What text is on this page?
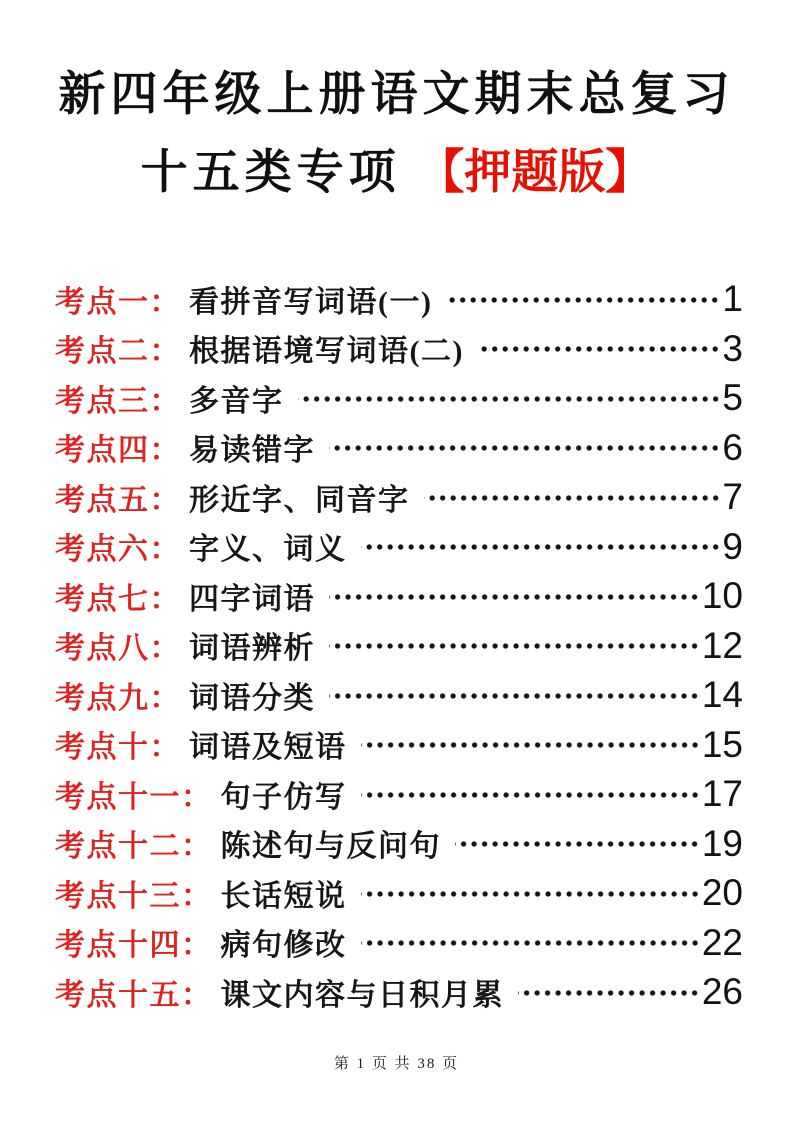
新四年级上册语文期末总复习
十五类专项 【押题版】
考点一： 看拼音写词语(一)	1
考点二： 根据语境写词语(二)	3
考点三： 多音字	5
考点四： 易读错字	6
考点五： 形近字、同音字	7
考点六： 字义、词义	9
考点七： 四字词语	10
考点八： 词语辨析	12
考点九： 词语分类	14
考点十： 词语及短语	15
考点十一： 句子仿写	17
考点十二： 陈述句与反问句	19
考点十三： 长话短说	20
考点十四： 病句修改	22
考点十五： 课文内容与日积月累	26
第 1 页 共 38 页
